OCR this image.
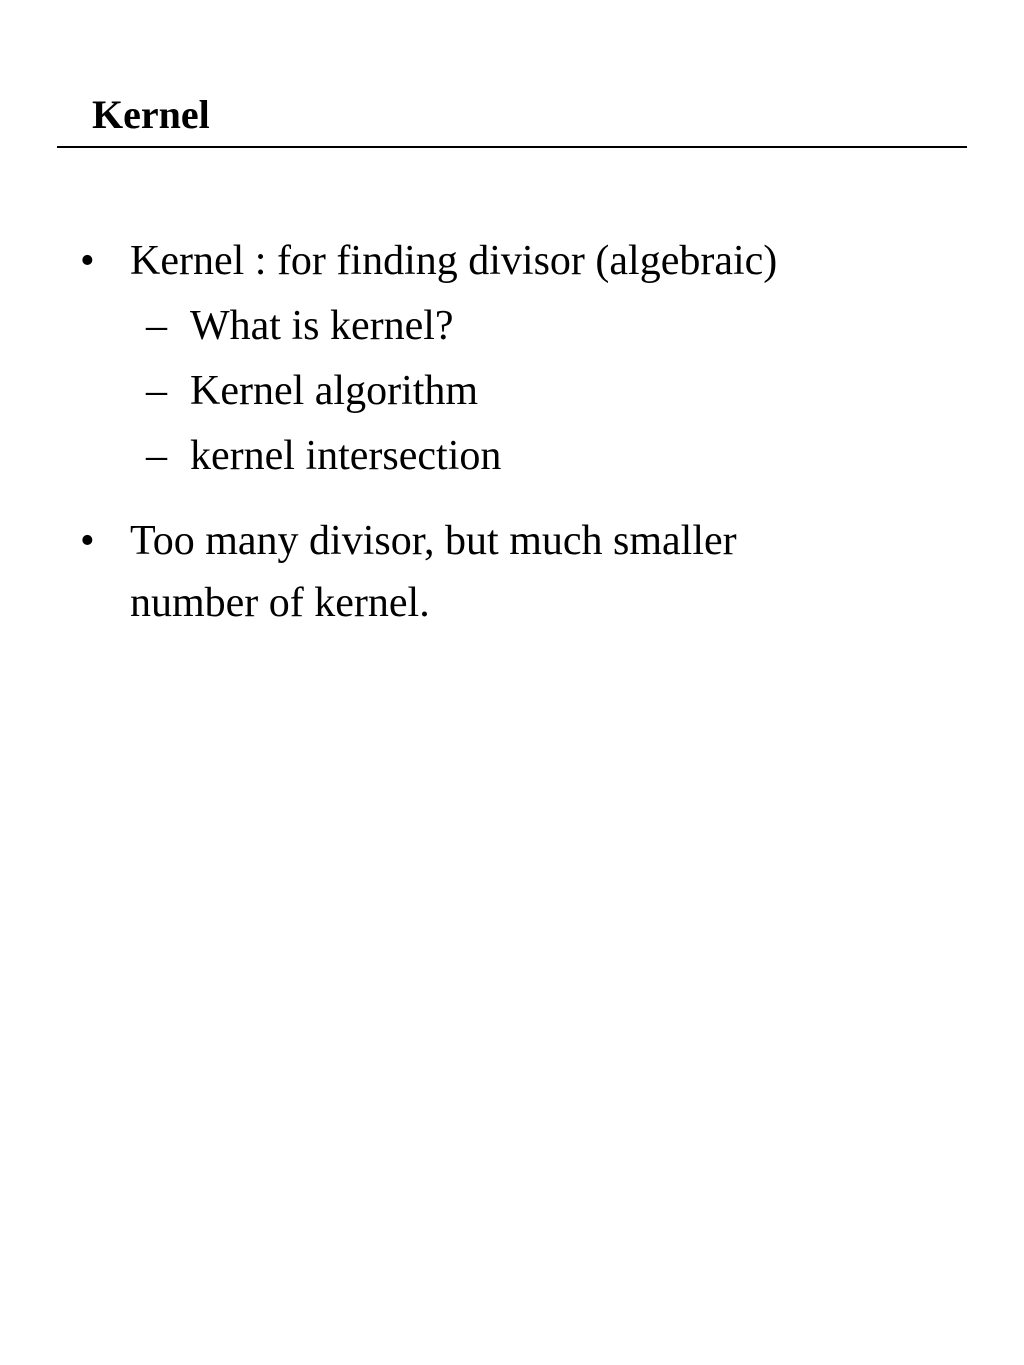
Kernel
• Kernel : for finding divisor (algebraic)
– What is kernel?
– Kernel algorithm
– kernel intersection
• Too many divisor, but much smaller number of kernel.
